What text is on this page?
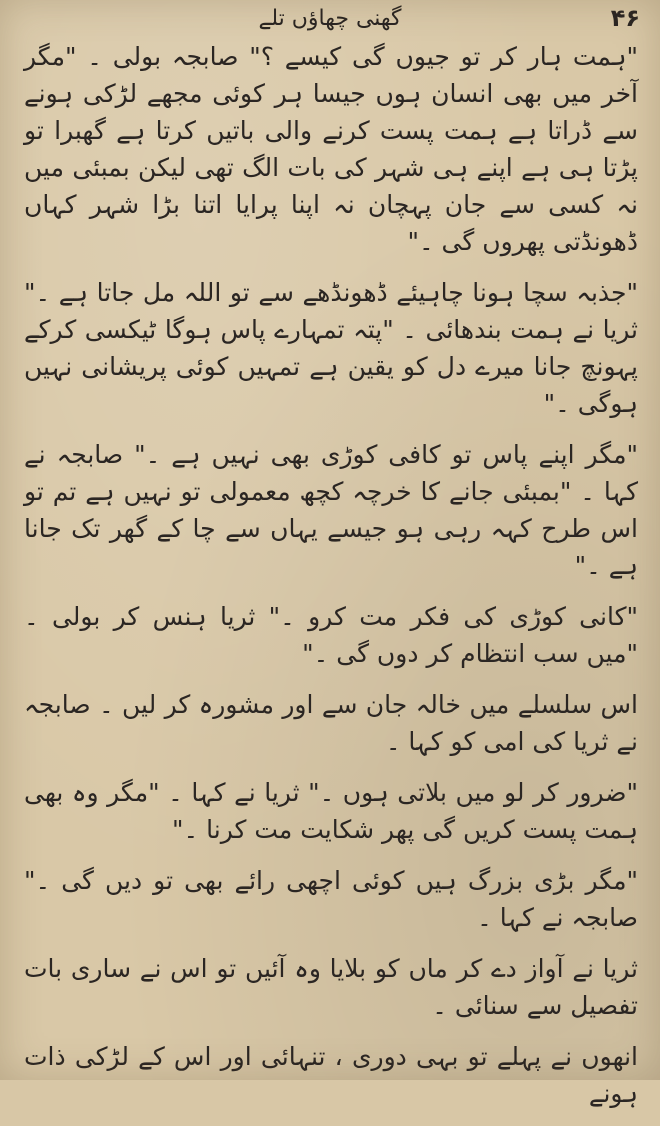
۴۶
گھنی چھاؤں تلے

"ہمت ہار کر تو جیوں گی کیسے ؟" صابجہ بولی ۔ "مگر آخر میں بھی انسان ہوں جیسا ہر کوئی مجھے لڑکی ہونے سے ڈراتا ہے ہمت پست کرنے والی باتیں کرتا ہے گھبرا تو پڑتا ہی ہے اپنے ہی شہر کی بات الگ تھی لیکن بمبئی میں نہ کسی سے جان پہچان نہ اپنا پرایا اتنا بڑا شہر کہاں ڈھونڈتی پھروں گی ۔"

"جذبہ سچا ہونا چاہیئے ڈھونڈھے سے تو اللہ مل جاتا ہے ۔" ثریا نے ہمت بندھائی ۔ "پتہ تمہارے پاس ہوگا ٹیکسی کرکے پہونچ جانا میرے دل کو یقین ہے تمہیں کوئی پریشانی نہیں ہوگی ۔"

"مگر اپنے پاس تو کافی کوڑی بھی نہیں ہے ۔" صابجہ نے کہا ۔ "بمبئی جانے کا خرچہ کچھ معمولی تو نہیں ہے تم تو اس طرح کہہ رہی ہو جیسے یہاں سے چا کے گھر تک جانا ہے ۔"

"کانی کوڑی کی فکر مت کرو ۔" ثریا ہنس کر بولی ۔ "میں سب انتظام کر دوں گی ۔"

اس سلسلے میں خالہ جان سے اور مشورہ کر لیں ۔ صابجہ نے ثریا کی امی کو کہا ۔

"ضرور کر لو میں بلاتی ہوں ۔" ثریا نے کہا ۔ "مگر وہ بھی ہمت پست کریں گی پھر شکایت مت کرنا ۔"

"مگر بڑی بزرگ ہیں کوئی اچھی رائے بھی تو دیں گی ۔" صابجہ نے کہا ۔

ثریا نے آواز دے کر ماں کو بلایا وہ آئیں تو اس نے ساری بات تفصیل سے سنائی ۔

انھوں نے پہلے تو بہی دوری ، تنہائی اور اس کے لڑکی ذات ہونے
